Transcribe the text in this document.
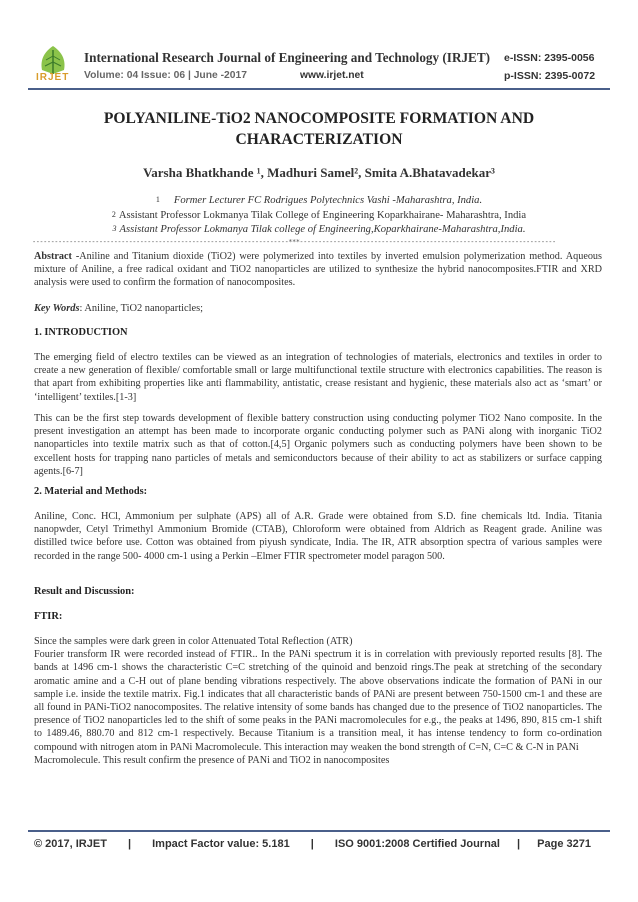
IRJET
International Research Journal of Engineering and Technology (IRJET) e-ISSN: 2395-0056
Volume: 04 Issue: 06 | June -2017	www.irjet.net	p-ISSN: 2395-0072
POLYANILINE-TiO2 NANOCOMPOSITE FORMATION AND
CHARACTERIZATION
Varsha Bhatkhande ¹, Madhuri Samel², Smita A.Bhatavadekar³
$^1$ Former Lecturer FC Rodrigues Polytechnics Vashi -Maharashtra, India.
$^2$ Assistant Professor Lokmanya Tilak College of Engineering Koparkhairane- Maharashtra, India
$^3$ Assistant Professor Lokmanya Tilak college of Engineering,Koparkhairane-Maharashtra,India.
---------------------------------------------------------------------***---------------------------------------------------------------------

Abstract -Aniline and Titanium dioxide (TiO2) were polymerized into textiles by inverted emulsion polymerization method. Aqueous mixture of Aniline, a free radical oxidant and TiO2 nanoparticles are utilized to synthesize the hybrid nanocomposites.FTIR and XRD analysis were used to confirm the formation of nanocomposites.

Key Words: Aniline, TiO2 nanoparticles;
1. INTRODUCTION

The emerging field of electro textiles can be viewed as an integration of technologies of materials, electronics and textiles in order to create a new generation of flexible/ comfortable small or large multifunctional textile structure with electronics capabilities. The reason is that apart from exhibiting properties like anti flammability, antistatic, crease resistant and hygienic, these materials also act as ‘smart’ or ‘intelligent’ textiles.[1-3]

This can be the first step towards development of flexible battery construction using conducting polymer TiO2 Nano composite. In the present investigation an attempt has been made to incorporate organic conducting polymer such as PANi along with inorganic TiO2 nanoparticles into textile matrix such as that of cotton.[4,5] Organic polymers such as conducting polymers have been shown to be excellent hosts for trapping nano particles of metals and semiconductors because of their ability to act as stabilizers or surface capping agents.[6-7]

2. Material and Methods:

Aniline, Conc. HCl, Ammonium per sulphate (APS) all of A.R. Grade were obtained from S.D. fine chemicals ltd. India. Titania nanopwder, Cetyl Trimethyl Ammonium Bromide (CTAB), Chloroform were obtained from Aldrich as Reagent grade. Aniline was distilled twice before use. Cotton was obtained from piyush syndicate, India. The IR, ATR absorption spectra of various samples were recorded in the range 500- 4000 cm-1 using a Perkin –Elmer FTIR spectrometer model paragon 500.

Result and Discussion:
FTIR:

Since the samples were dark green in color Attenuated Total Reflection (ATR)

Fourier transform IR were recorded instead of FTIR.. In the PANi spectrum it is in correlation with previously reported results [8]. The bands at 1496 cm-1 shows the characteristic C=C stretching of the quinoid and benzoid rings.The peak at stretching of the secondary aromatic amine and a C-H out of plane bending vibrations respectively. The above observations indicate the formation of PANi in our sample i.e. inside the textile matrix. Fig.1 indicates that all characteristic bands of PANi are present between 750-1500 cm-1 and these are all found in PANi-TiO2 nanocomposites. The relative intensity of some bands has changed due to the presence of TiO2 nanoparticles. The presence of TiO2 nanoparticles led to the shift of some peaks in the PANi macromolecules for e.g., the peaks at 1496, 890, 815 cm-1 shift to 1489.46, 880.70 and 812 cm-1 respectively. Because Titanium is a transition meal, it has intense tendency to form co-ordination compound with nitrogen atom in PANi Macromolecule. This interaction may weaken the bond strength of C=N, C=C & C-N in PANi

Macromolecule. This result confirm the presence of PANi and TiO2 in nanocomposites

© 2017, IRJET | Impact Factor value: 5.181 | ISO 9001:2008 Certified Journal | Page 3271
